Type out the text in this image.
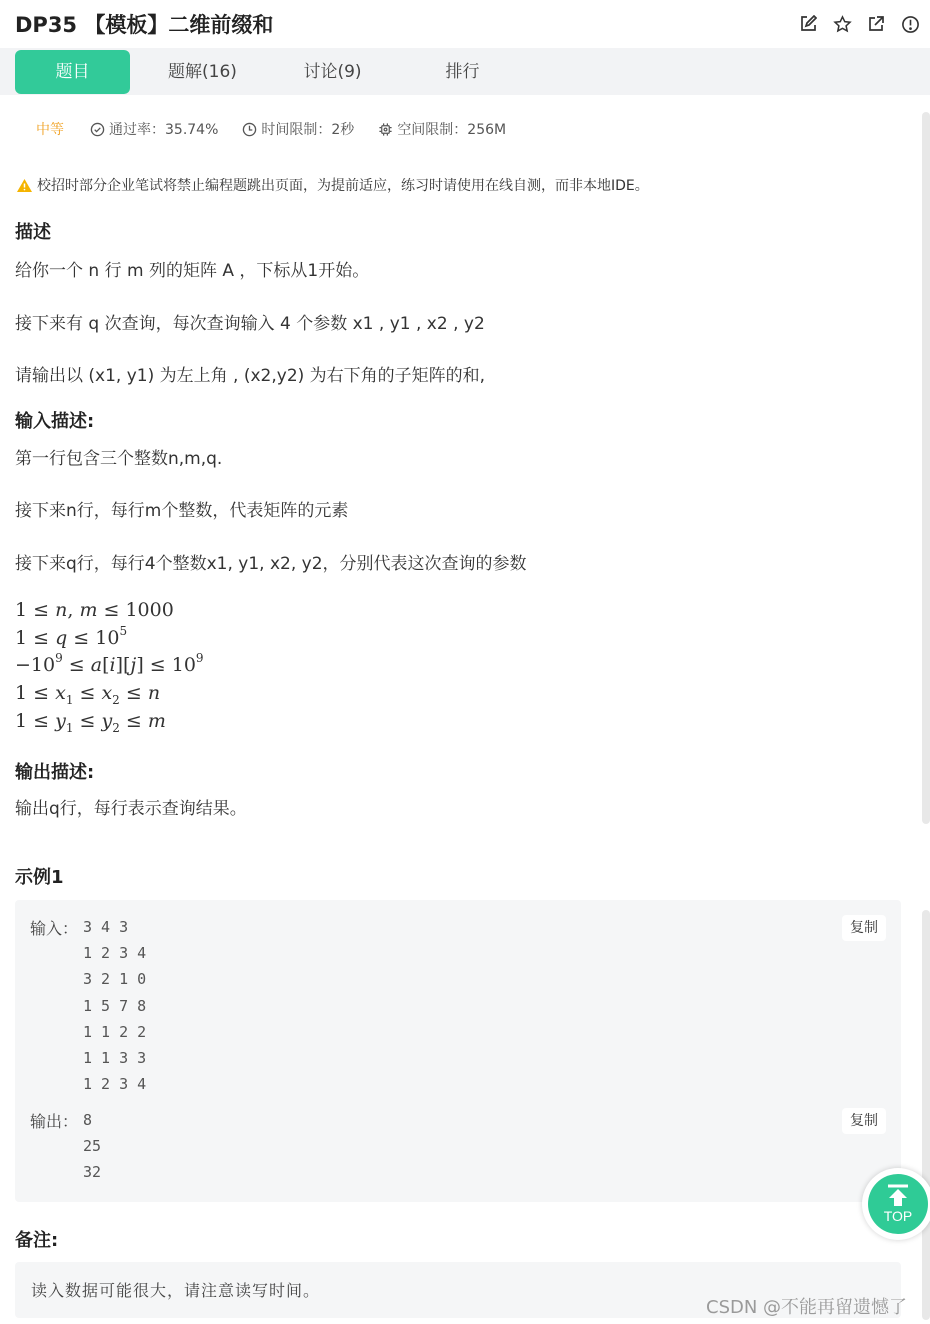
DP35 【模板】二维前缀和
题目	题解(16)	讨论(9)	排行
中等	通过率：35.74%	时间限制：2秒	空间限制：256M
校招时部分企业笔试将禁止编程题跳出页面，为提前适应，练习时请使用在线自测，而非本地IDE。
描述
给你一个 n 行 m 列的矩阵 A ，下标从1开始。
接下来有 q 次查询，每次查询输入 4 个参数 x1 , y1 , x2 , y2
请输出以 (x1, y1) 为左上角 , (x2,y2) 为右下角的子矩阵的和,
输入描述:
第一行包含三个整数n,m,q.
接下来n行，每行m个整数，代表矩阵的元素
接下来q行，每行4个整数x1, y1, x2, y2，分别代表这次查询的参数
1 ≤ n, m ≤ 1000
$1 \le q \le 10^5$
$-10^9 \le a[i][j] \le 10^9$
$1 \le x_1 \le x_2 \le n$
$1 \le y_1 \le y_2 \le m$
输出描述:
输出q行，每行表示查询结果。
示例1
输入： 3 4 3
1 2 3 4
3 2 1 0
1 5 7 8
1 1 2 2
1 1 3 3
1 2 3 4
复制
输出： 8
25
32
复制
备注:
读入数据可能很大，请注意读写时间。
TOP
CSDN @不能再留遗憾了
